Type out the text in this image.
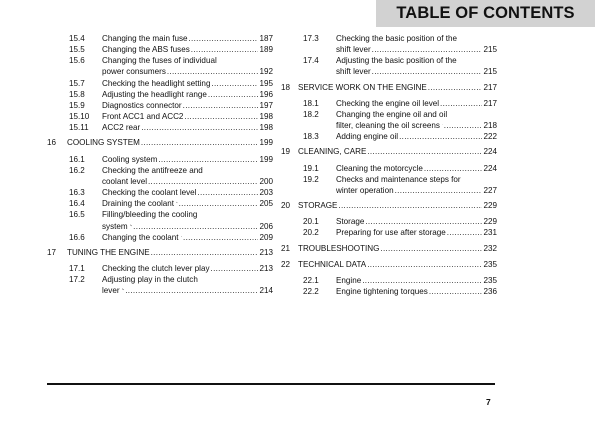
TABLE OF CONTENTS
15.4	Changing the main fuse .....	187
15.5	Changing the ABS fuses .....	189
15.6	Changing the fuses of individual
power consumers .....	192
15.7	Checking the headlight setting .....	195
15.8	Adjusting the headlight range .....	196
15.9	Diagnostics connector .....	197
15.10	Front ACC1 and ACC2 .....	198
15.11	ACC2 rear .....	198
16	COOLING SYSTEM .....	199
16.1	Cooling system .....	199
16.2	Checking the antifreeze and
coolant level .....	200
16.3	Checking the coolant level .....	203
16.4	Draining the coolant .....	205
16.5	Filling/bleeding the cooling
system .....	206
16.6	Changing the coolant .....	209
17	TUNING THE ENGINE .....	213
17.1	Checking the clutch lever play .....	213
17.2	Adjusting play in the clutch
lever .....	214
17.3	Checking the basic position of the
shift lever .....	215
17.4	Adjusting the basic position of the
shift lever .....	215
18 SERVICE WORK ON THE ENGINE .....	217
18.1	Checking the engine oil level .....	217
18.2	Changing the engine oil and oil
filter, cleaning the oil screens .....	218
18.3	Adding engine oil .....	222
19 CLEANING, CARE .....	224
19.1	Cleaning the motorcycle .....	224
19.2	Checks and maintenance steps for
winter operation .....	227
20 STORAGE .....	229
20.1	Storage .....	229
20.2	Preparing for use after storage .....	231
21 TROUBLESHOOTING .....	232
22 TECHNICAL DATA .....	235
22.1	Engine .....	235
22.2	Engine tightening torques .....	236
7
